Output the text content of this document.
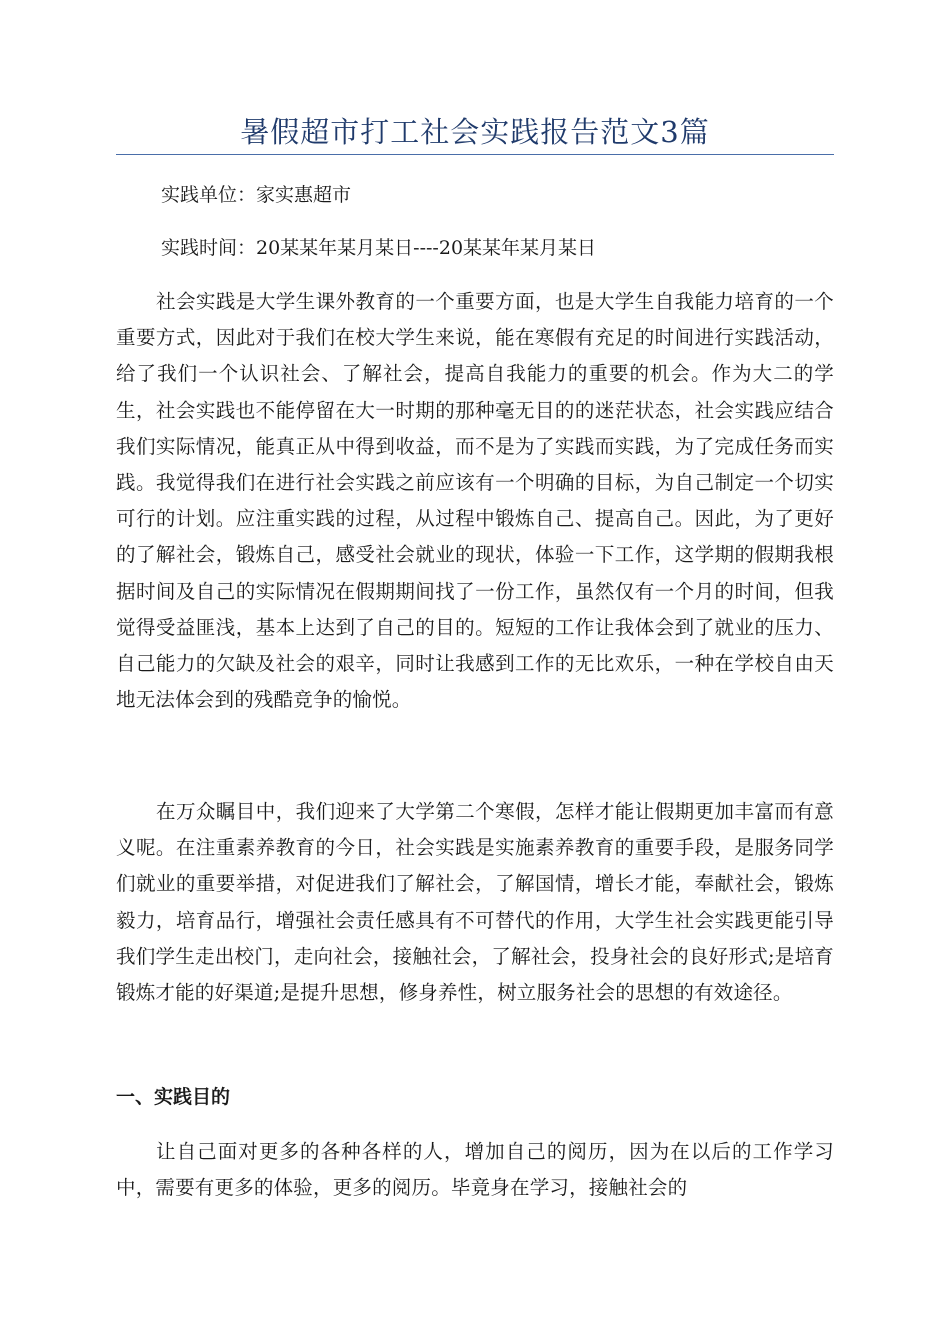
暑假超市打工社会实践报告范文3篇
实践单位：家实惠超市
实践时间：20某某年某月某日----20某某年某月某日
社会实践是大学生课外教育的一个重要方面，也是大学生自我能力培育的一个重要方式，因此对于我们在校大学生来说，能在寒假有充足的时间进行实践活动，给了我们一个认识社会、了解社会，提高自我能力的重要的机会。作为大二的学生，社会实践也不能停留在大一时期的那种毫无目的的迷茫状态，社会实践应结合我们实际情况，能真正从中得到收益，而不是为了实践而实践，为了完成任务而实践。我觉得我们在进行社会实践之前应该有一个明确的目标，为自己制定一个切实可行的计划。应注重实践的过程，从过程中锻炼自己、提高自己。因此，为了更好的了解社会，锻炼自己，感受社会就业的现状，体验一下工作，这学期的假期我根据时间及自己的实际情况在假期期间找了一份工作，虽然仅有一个月的时间，但我觉得受益匪浅，基本上达到了自己的目的。短短的工作让我体会到了就业的压力、自己能力的欠缺及社会的艰辛，同时让我感到工作的无比欢乐，一种在学校自由天地无法体会到的残酷竞争的愉悦。
在万众瞩目中，我们迎来了大学第二个寒假，怎样才能让假期更加丰富而有意义呢。在注重素养教育的今日，社会实践是实施素养教育的重要手段，是服务同学们就业的重要举措，对促进我们了解社会，了解国情，增长才能，奉献社会，锻炼毅力，培育品行，增强社会责任感具有不可替代的作用，大学生社会实践更能引导我们学生走出校门，走向社会，接触社会，了解社会，投身社会的良好形式;是培育锻炼才能的好渠道;是提升思想，修身养性，树立服务社会的思想的有效途径。
一、实践目的
让自己面对更多的各种各样的人，增加自己的阅历，因为在以后的工作学习中，需要有更多的体验，更多的阅历。毕竟身在学习，接触社会的
